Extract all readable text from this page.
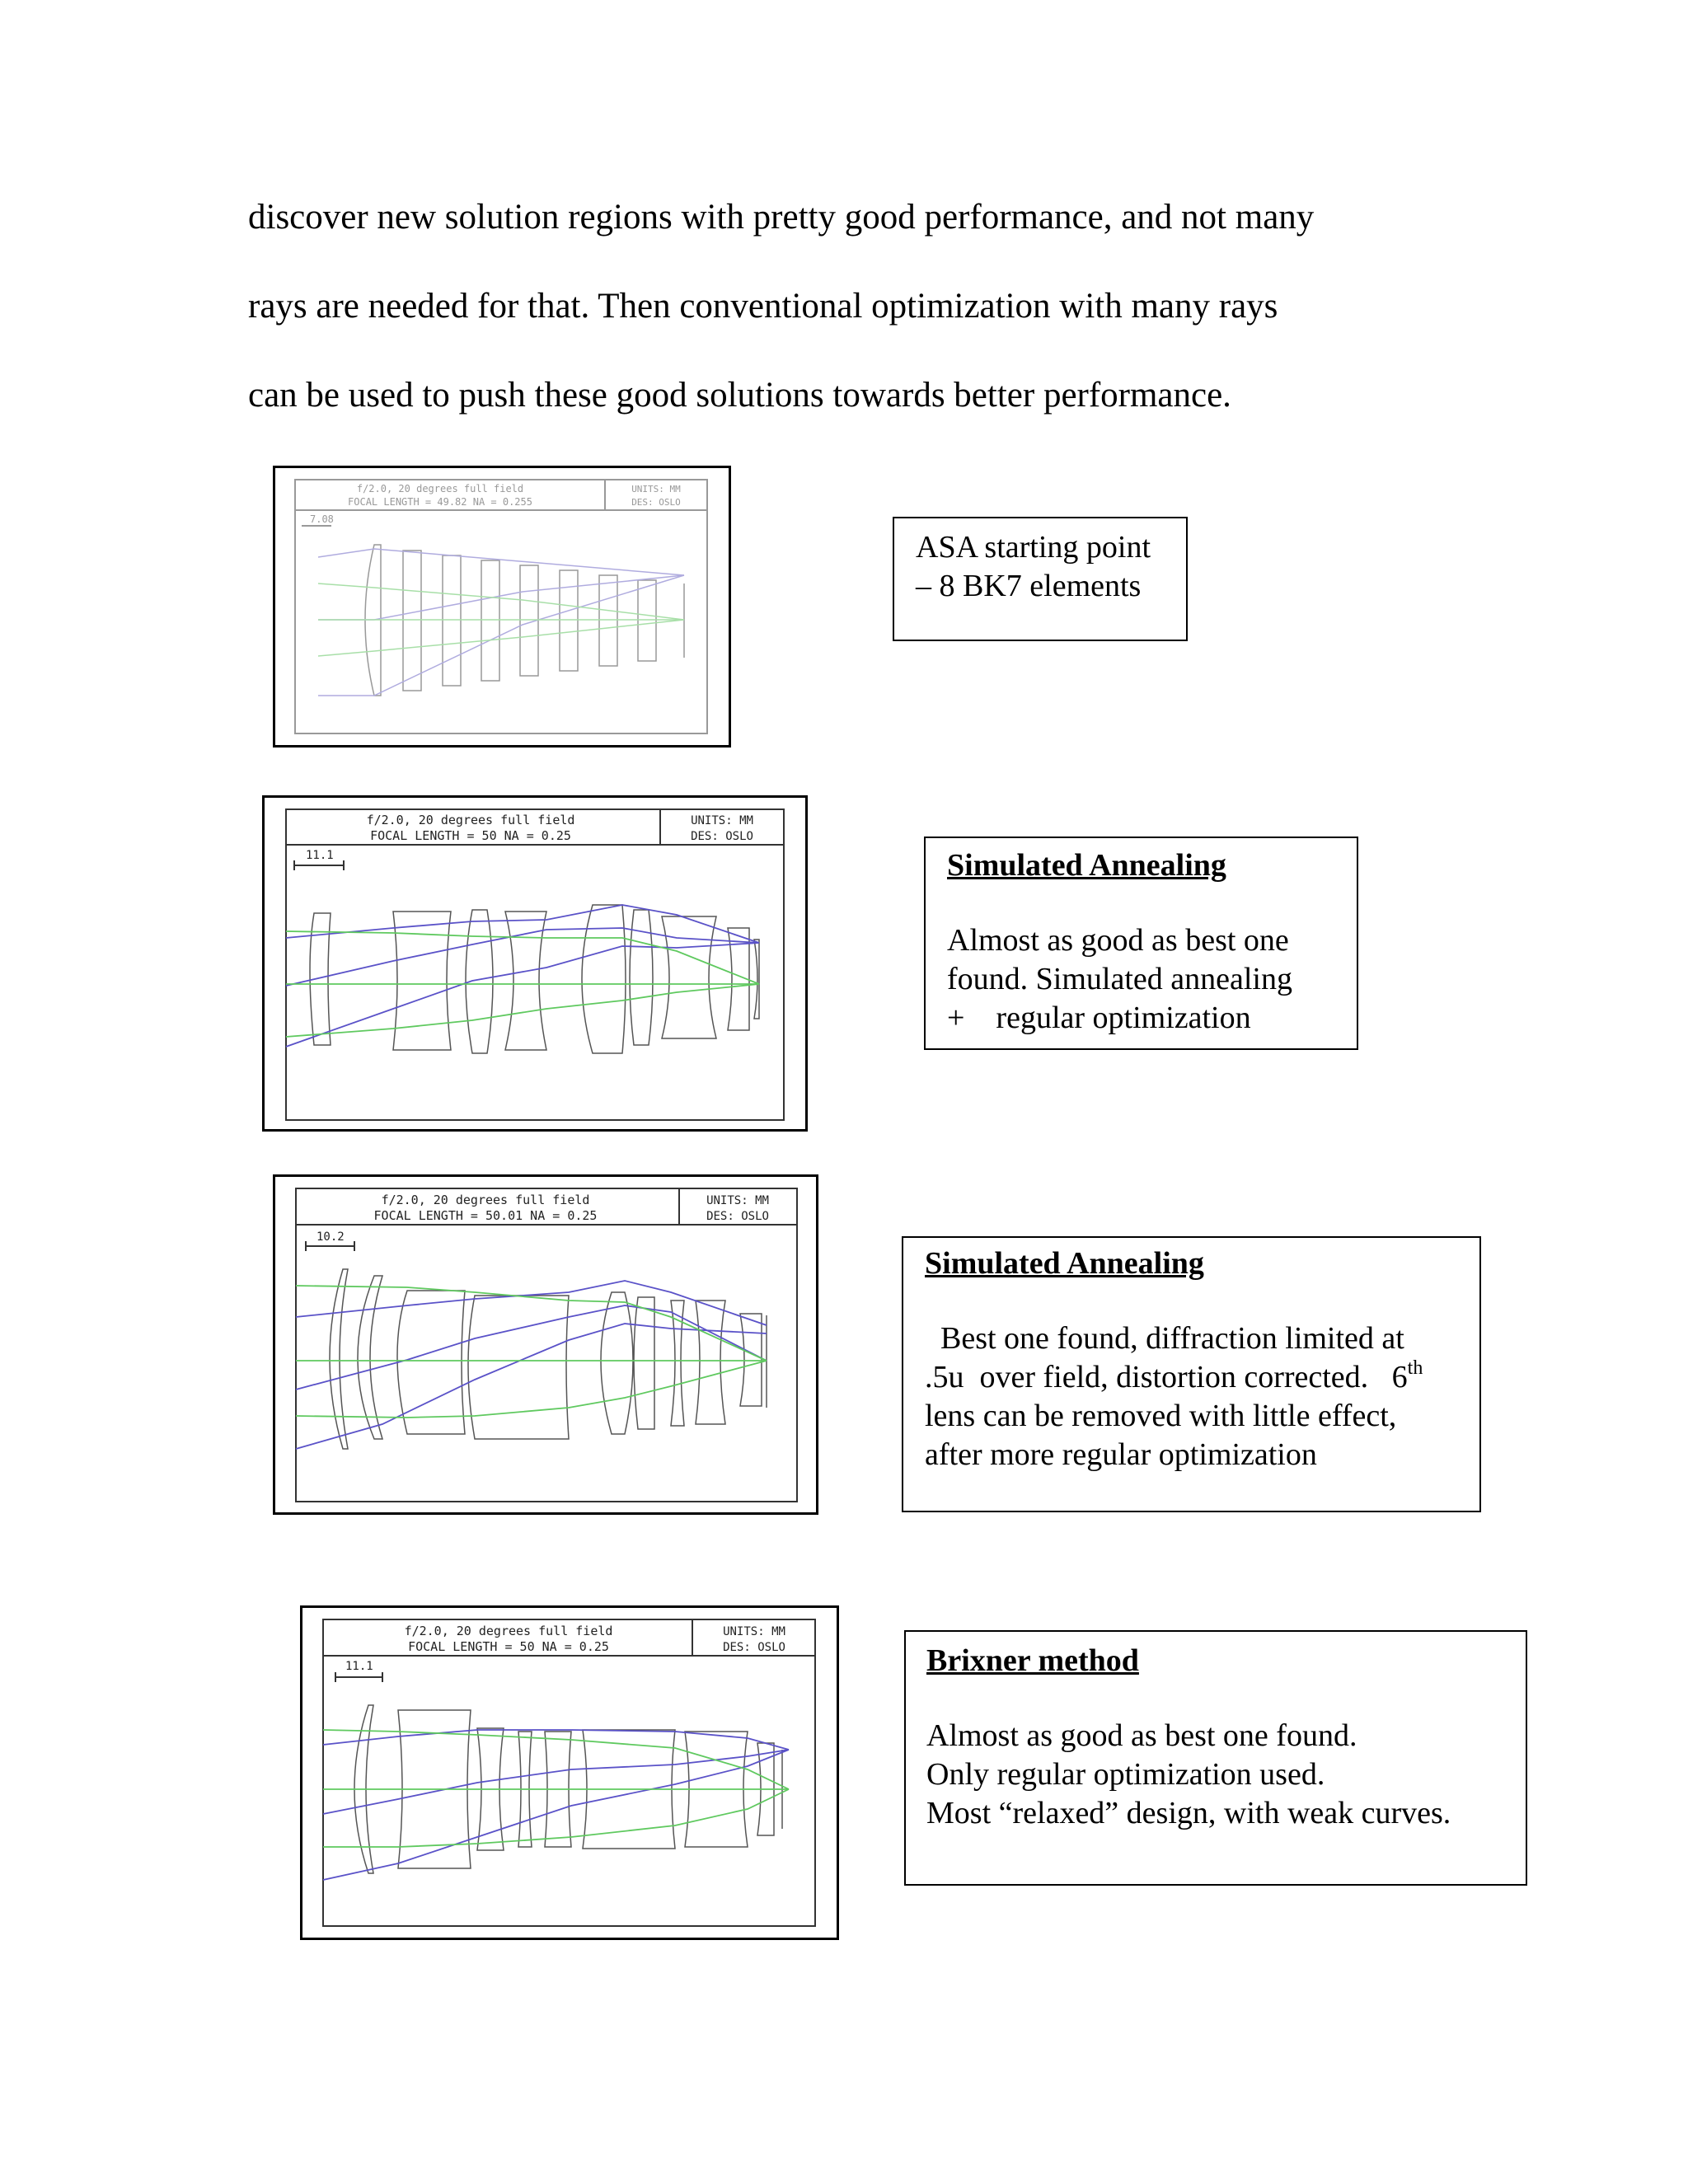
discover new solution regions with pretty good performance, and not many
rays are needed for that. Then conventional optimization with many rays
can be used to push these good solutions towards better performance.
f/2.0, 20 degrees full field
FOCAL LENGTH = 49.82 NA = 0.255
UNITS: MM
DES: OSLO
7.08
ASA starting point
– 8 BK7 elements
f/2.0, 20 degrees full field
FOCAL LENGTH = 50 NA = 0.25
UNITS: MM
DES: OSLO
11.1	Simulated Annealing
Almost as good as best one
found. Simulated annealing
+    regular optimization
f/2.0, 20 degrees full field
FOCAL LENGTH = 50.01 NA = 0.25
UNITS: MM
DES: OSLO
10.2
Simulated Annealing
Best one found, diffraction limited at
.5u  over field, distortion corrected.   6th
lens can be removed with little effect,
after more regular optimization
f/2.0, 20 degrees full field
FOCAL LENGTH = 50 NA = 0.25
UNITS: MM
DES: OSLO
11.1	Brixner method
Almost as good as best one found.
Only regular optimization used.
Most “relaxed” design, with weak curves.
